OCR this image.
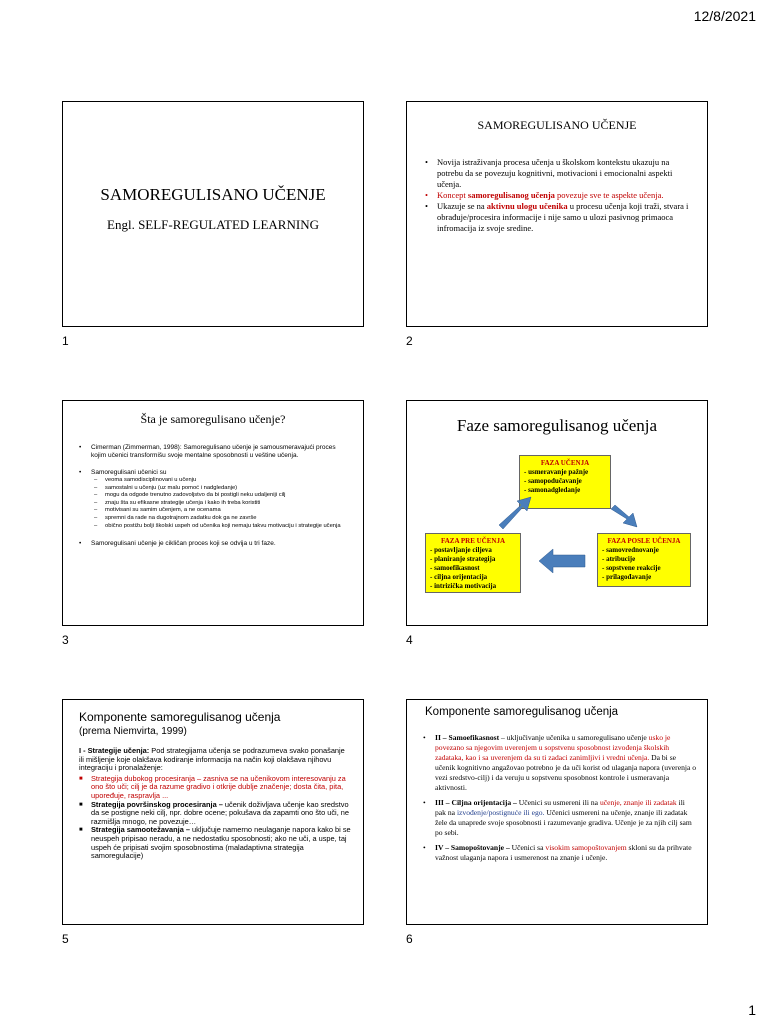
12/8/2021
SAMOREGULISANO UČENJE
Engl. SELF-REGULATED LEARNING
1
SAMOREGULISANO UČENJE
• Novija istraživanja procesa učenja u školskom kontekstu ukazuju na potrebu da se povezuju kognitivni, motivacioni i emocionalni aspekti učenja.
• Koncept samoregulisanog učenja povezuje sve te aspekte učenja.
• Ukazuje se na aktivnu ulogu učenika u procesu učenja koji traži, stvara i obrađuje/procesira informacije i nije samo u ulozi pasivnog primaoca infromacija iz svoje sredine.
2
Šta je samoregulisano učenje?
• Cimerman (Zimmerman, 1998): Samoregulisano učenje je samousmeravajući proces kojim učenici transformišu svoje mentalne sposobnosti u veštine učenja.
• Samoregulisani učenici su
– veoma samodisciplinovani u učenju
– samostalni u učenju (uz malu pomoć i nadgledanje)
– mogu da odgode trenutno zadovoljstvo da bi postigli neku udaljeniji cilj
– znaju šta su efikasne strategije učenja i kako ih treba koristiti
– motivisani su samim učenjem, a ne ocenama
– spremni da rade na dugotrajnom zadatku dok ga ne završe
– obično postižu bolji školski uspeh od učenika koji nemaju takvu motivaciju i strategije učenja
• Samoregulisani učenje je cikličan proces koji se odvija u tri faze.
3
Faze samoregulisanog učenja
FAZA UČENJA
- usmeravanje pažnje
- samopodučavanje
- samonadgledanje
FAZA PRE UČENJA
- postavljanje ciljeva
- planiranje strategija
- samoefikasnost
- ciljna orijentacija
- intrizička motivacija
FAZA POSLE UČENJA
- samovrednovanje
- atribucije
- sopstvene reakcije
- prilagođavanje
4
Komponente samoregulisanog učenja
(prema Niemvirta, 1999)
I - Strategije učenja: Pod strategijama učenja se podrazumeva svako ponašanje ili mišljenje koje olakšava kodiranje informacija na način koji olakšava njihovu integraciju i pronalaženje:
■ Strategija dubokog procesiranja – zasniva se na učenikovom interesovanju za ono što uči; cilj je da razume gradivo i otkrije dublje značenje; dosta čita, pita, upoređuje, raspravlja ...
■ Strategija površinskog procesiranja – učenik doživljava učenje kao sredstvo da se postigne neki cilj, npr. dobre ocene; pokušava da zapamti ono što uči, ne razmišlja mnogo, ne povezuje…
■ Strategija samootežavanja – uključuje namerno neulaganje napora kako bi se neuspeh pripisao neradu, a ne nedostatku sposobnosti; ako ne uči, a uspe, taj uspeh će pripisati svojim sposobnostima (maladaptivna strategija samoregulacije)
5
Komponente samoregulisanog učenja
• II – Samoefikasnost – uključivanje učenika u samoregulisano učenje usko je povezano sa njegovim uverenjem u sopstvenu sposobnost izvođenja školskih zadataka, kao i sa uverenjem da su ti zadaci zanimljivi i vredni učenja. Da bi se učenik kognitivno angažovao potrebno je da uči korist od ulaganja napora (uverenja o vezi sredstvo-cilj) i da veruju u sopstvenu sposobnost kontrole i usmeravanja aktivnosti.
• III – Ciljna orijentacija – Učenici su usmereni ili na učenje, znanje ili zadatak ili pak na izvođenje/postignuće ili ego. Učenici usmereni na učenje, znanje ili zadatak žele da unaprede svoje sposobnosti i razumevanje gradiva. Učenje je za njih cilj sam po sebi.
• IV – Samopoštovanje – Učenici sa visokim samopoštovanjem skloni su da prihvate važnost ulaganja napora i usmerenost na znanje i učenje.
6
1
